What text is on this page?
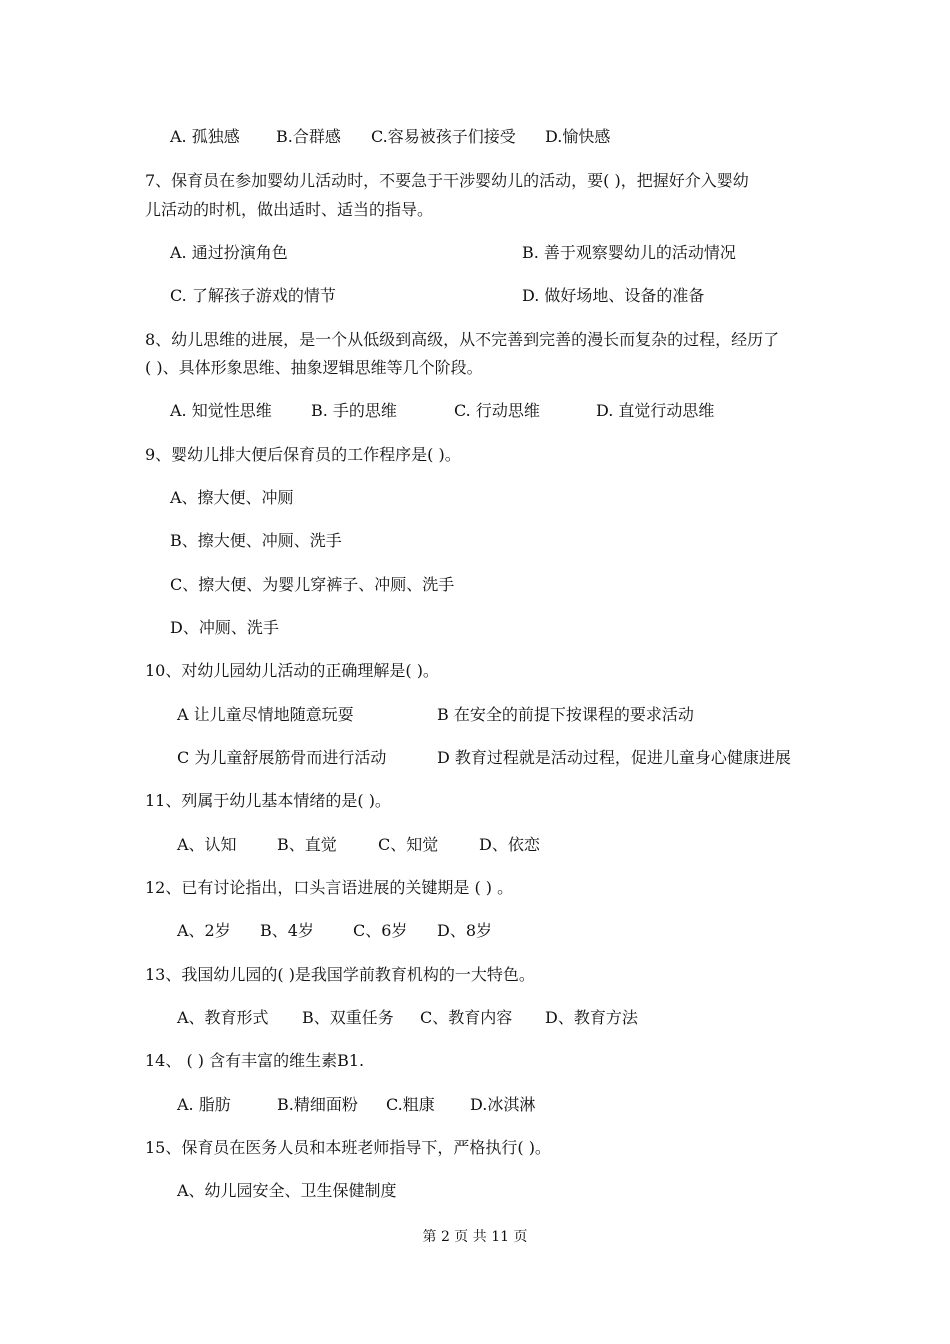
A. 孤独感 B.合群感 C.容易被孩子们接受 D.愉快感
7、保育员在参加婴幼儿活动时，不要急于干涉婴幼儿的活动，要( )，把握好介入婴幼
儿活动的时机，做出适时、适当的指导。
A. 通过扮演角色	B. 善于观察婴幼儿的活动情况
C. 了解孩子游戏的情节	D. 做好场地、设备的准备
8、幼儿思维的进展，是一个从低级到高级，从不完善到完善的漫长而复杂的过程，经历了
( )、具体形象思维、抽象逻辑思维等几个阶段。
A. 知觉性思维 B. 手的思维	C. 行动思维	D. 直觉行动思维
9、婴幼儿排大便后保育员的工作程序是( )。
A、擦大便、冲厕
B、擦大便、冲厕、洗手
C、擦大便、为婴儿穿裤子、冲厕、洗手
D、冲厕、洗手
10、对幼儿园幼儿活动的正确理解是( )。
A 让儿童尽情地随意玩耍	B 在安全的前提下按课程的要求活动
C 为儿童舒展筋骨而进行活动	D 教育过程就是活动过程，促进儿童身心健康进展
11、列属于幼儿基本情绪的是( )。
A、认知	B、直觉	C、知觉	D、依恋
12、已有讨论指出，口头言语进展的关键期是 ( ) 。
A、2岁 B、4岁 C、6岁 D、8岁
13、我国幼儿园的( )是我国学前教育机构的一大特色。
A、教育形式 B、双重任务 C、教育内容 D、教育方法
14、 ( ) 含有丰富的维生素B1.
A. 脂肪	B.精细面粉 C.粗康 D.冰淇淋
15、保育员在医务人员和本班老师指导下，严格执行( )。
A、幼儿园安全、卫生保健制度
第 2 页 共 11 页
